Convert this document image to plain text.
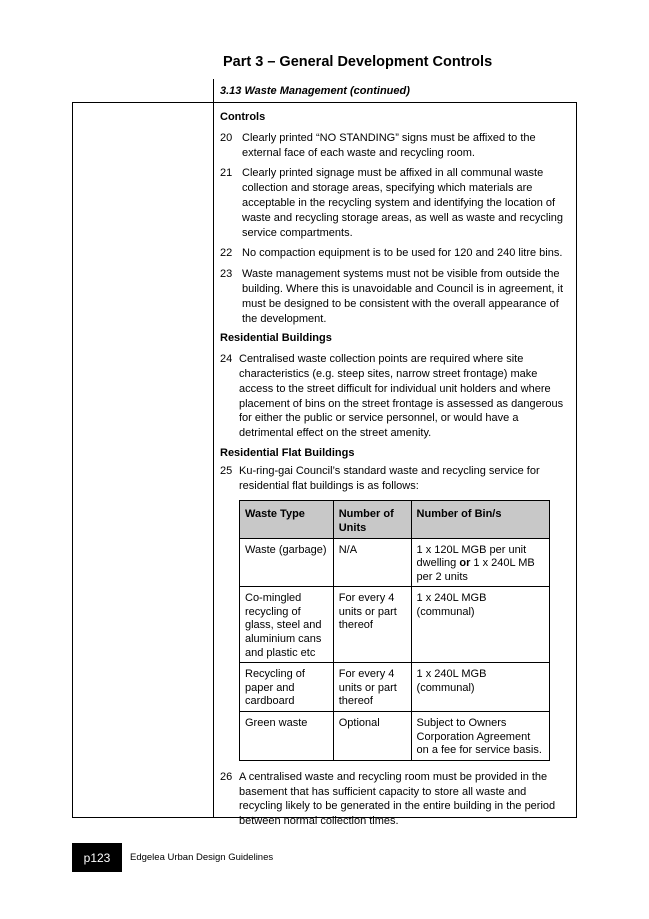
Part 3 – General Development Controls
3.13 Waste Management (continued)
Controls
20 Clearly printed “NO STANDING” signs must be affixed to the external face of each waste and recycling room.
21 Clearly printed signage must be affixed in all communal waste collection and storage areas, specifying which materials are acceptable in the recycling system and identifying the location of waste and recycling storage areas, as well as waste and recycling service compartments.
22 No compaction equipment is to be used for 120 and 240 litre bins.
23 Waste management systems must not be visible from outside the building. Where this is unavoidable and Council is in agreement, it must be designed to be consistent with the overall appearance of the development.
Residential Buildings
24 Centralised waste collection points are required where site characteristics (e.g. steep sites, narrow street frontage) make access to the street difficult for individual unit holders and where placement of bins on the street frontage is assessed as dangerous for either the public or service personnel, or would have a detrimental effect on the street amenity.
Residential Flat Buildings
25 Ku-ring-gai Council’s standard waste and recycling service for residential flat buildings is as follows:
Waste Type	Number of Units	Number of Bin/s
Waste (garbage)	N/A	1 x 120L MGB per unit dwelling or 1 x 240L MB per 2 units
Co-mingled recycling of glass, steel and aluminium cans and plastic etc	For every 4 units or part thereof	1 x 240L MGB (communal)
Recycling of paper and cardboard	For every 4 units or part thereof	1 x 240L MGB (communal)
Green waste	Optional	Subject to Owners Corporation Agreement on a fee for service basis.
26 A centralised waste and recycling room must be provided in the basement that has sufficient capacity to store all waste and recycling likely to be generated in the entire building in the period between normal collection times.
p123	Edgelea Urban Design Guidelines
